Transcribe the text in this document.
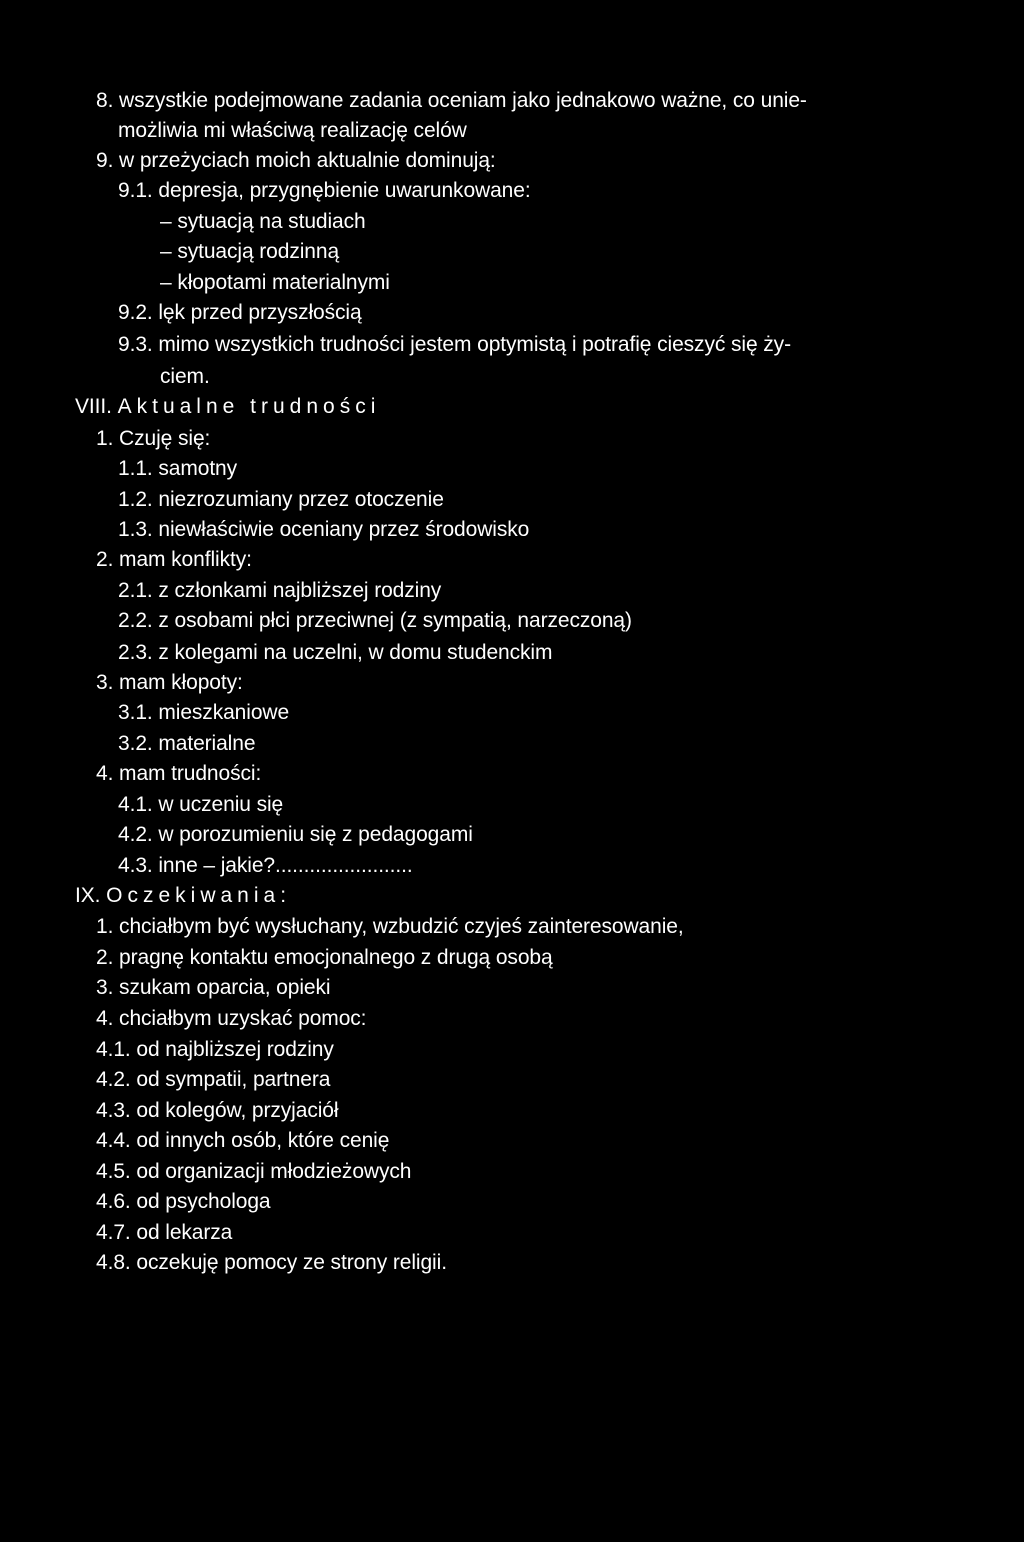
8. wszystkie podejmowane zadania oceniam jako jednakowo ważne, co unie-
możliwia mi właściwą realizację celów
9. w przeżyciach moich aktualnie dominują:
9.1. depresja, przygnębienie uwarunkowane:
– sytuacją na studiach
– sytuacją rodzinną
– kłopotami materialnymi
9.2. lęk przed przyszłością
9.3. mimo wszystkich trudności jestem optymistą i potrafię cieszyć się ży-
ciem.
VIII. Aktualne trudności
1. Czuję się:
1.1. samotny
1.2. niezrozumiany przez otoczenie
1.3. niewłaściwie oceniany przez środowisko
2. mam konflikty:
2.1. z członkami najbliższej rodziny
2.2. z osobami płci przeciwnej (z sympatią, narzeczoną)
2.3. z kolegami na uczelni, w domu studenckim
3. mam kłopoty:
3.1. mieszkaniowe
3.2. materialne
4. mam trudności:
4.1. w uczeniu się
4.2. w porozumieniu się z pedagogami
4.3. inne – jakie?........................
IX. Oczekiwania:
1. chciałbym być wysłuchany, wzbudzić czyjeś zainteresowanie,
2. pragnę kontaktu emocjonalnego z drugą osobą
3. szukam oparcia, opieki
4. chciałbym uzyskać pomoc:
4.1. od najbliższej rodziny
4.2. od sympatii, partnera
4.3. od kolegów, przyjaciół
4.4. od innych osób, które cenię
4.5. od organizacji młodzieżowych
4.6. od psychologa
4.7. od lekarza
4.8. oczekuję pomocy ze strony religii.
